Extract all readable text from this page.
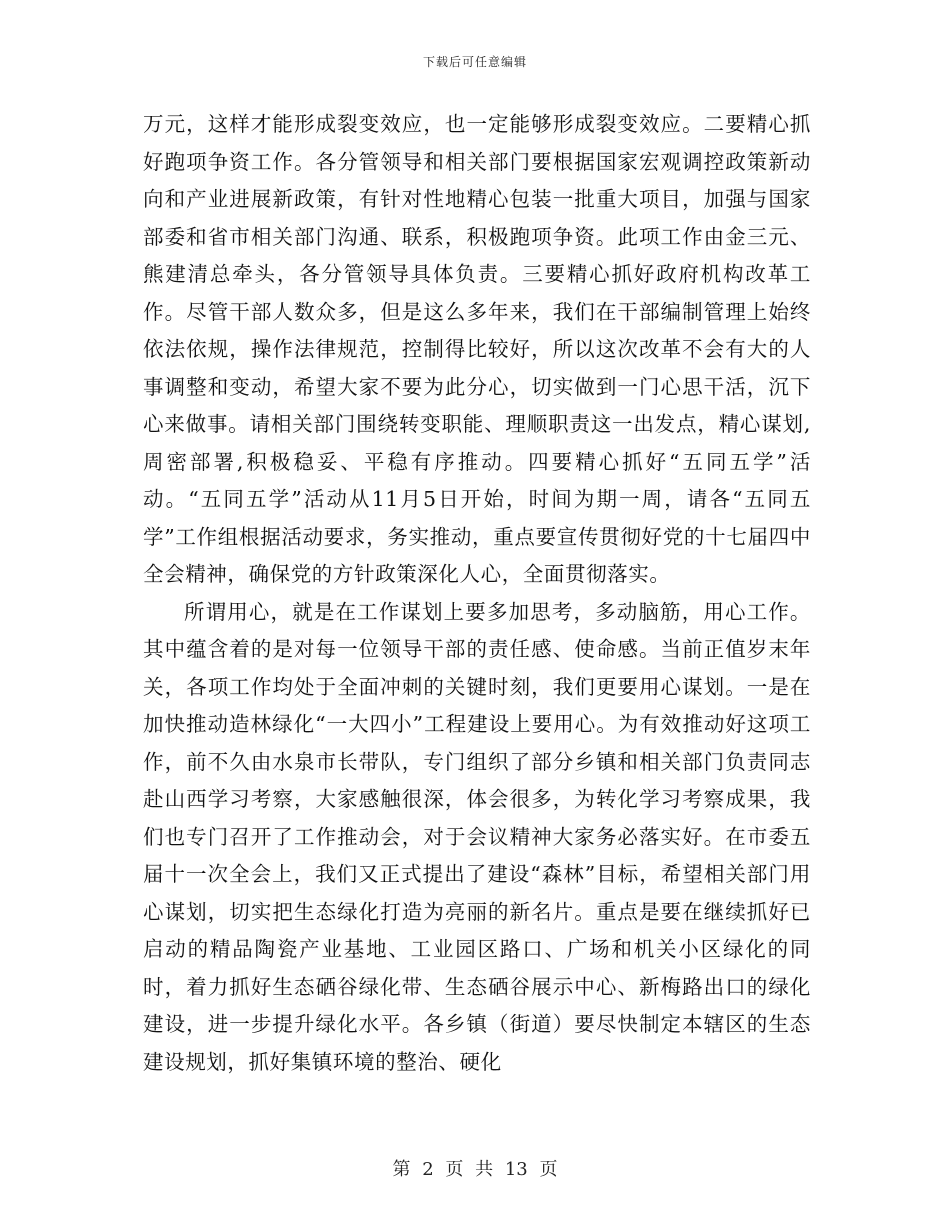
下载后可任意编辑

万元，这样才能形成裂变效应，也一定能够形成裂变效应。二要精心抓好跑项争资工作。各分管领导和相关部门要根据国家宏观调控政策新动向和产业进展新政策，有针对性地精心包装一批重大项目，加强与国家部委和省市相关部门沟通、联系，积极跑项争资。此项工作由金三元、熊建清总牵头，各分管领导具体负责。三要精心抓好政府机构改革工作。尽管干部人数众多，但是这么多年来，我们在干部编制管理上始终依法依规，操作法律规范，控制得比较好，所以这次改革不会有大的人事调整和变动，希望大家不要为此分心，切实做到一门心思干活，沉下心来做事。请相关部门围绕转变职能、理顺职责这一出发点，精心谋划,周密部署,积极稳妥、平稳有序推动。四要精心抓好“五同五学”活动。“五同五学”活动从11月5日开始，时间为期一周，请各“五同五学”工作组根据活动要求，务实推动，重点要宣传贯彻好党的十七届四中全会精神，确保党的方针政策深化人心，全面贯彻落实。

所谓用心，就是在工作谋划上要多加思考，多动脑筋，用心工作。其中蕴含着的是对每一位领导干部的责任感、使命感。当前正值岁末年关，各项工作均处于全面冲刺的关键时刻，我们更要用心谋划。一是在加快推动造林绿化“一大四小”工程建设上要用心。为有效推动好这项工作，前不久由水泉市长带队，专门组织了部分乡镇和相关部门负责同志赴山西学习考察，大家感触很深，体会很多，为转化学习考察成果，我们也专门召开了工作推动会，对于会议精神大家务必落实好。在市委五届十一次全会上，我们又正式提出了建设“森林”目标，希望相关部门用心谋划，切实把生态绿化打造为亮丽的新名片。重点是要在继续抓好已启动的精品陶瓷产业基地、工业园区路口、广场和机关小区绿化的同时，着力抓好生态硒谷绿化带、生态硒谷展示中心、新梅路出口的绿化建设，进一步提升绿化水平。各乡镇（街道）要尽快制定本辖区的生态建设规划，抓好集镇环境的整治、硬化

第 2 页 共 13 页
